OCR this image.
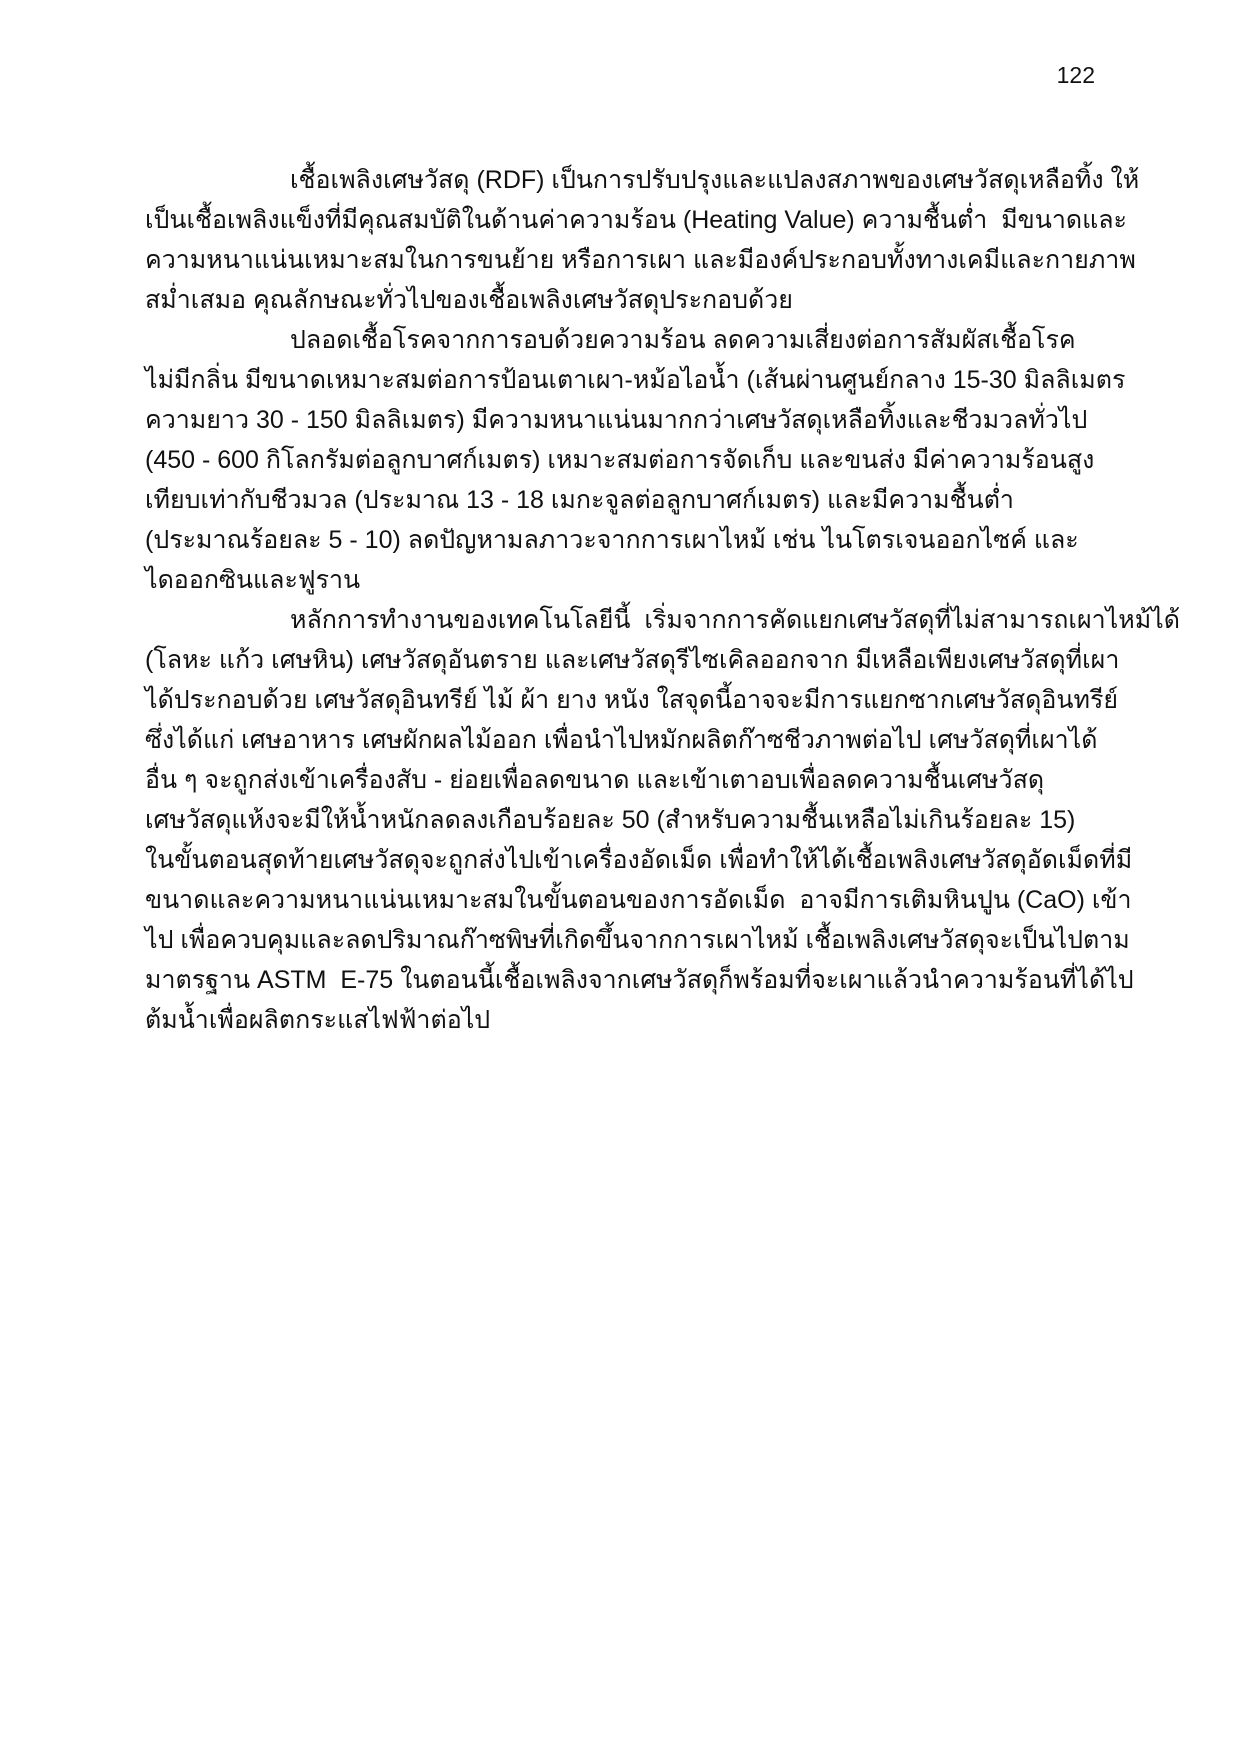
122
เชื้อเพลิงเศษวัสดุ (RDF) เป็นการปรับปรุงและแปลงสภาพของเศษวัสดุเหลือทิ้ง ให้
เป็นเชื้อเพลิงแข็งที่มีคุณสมบัติในด้านค่าความร้อน (Heating Value) ความชื้นต่ำ  มีขนาดและ
ความหนาแน่นเหมาะสมในการขนย้าย หรือการเผา และมีองค์ประกอบทั้งทางเคมีและกายภาพ
สม่ำเสมอ คุณลักษณะทั่วไปของเชื้อเพลิงเศษวัสดุประกอบด้วย
ปลอดเชื้อโรคจากการอบด้วยความร้อน ลดความเสี่ยงต่อการสัมผัสเชื้อโรค
ไม่มีกลิ่น มีขนาดเหมาะสมต่อการป้อนเตาเผา-หม้อไอน้ำ (เส้นผ่านศูนย์กลาง 15-30 มิลลิเมตร
ความยาว 30 - 150 มิลลิเมตร) มีความหนาแน่นมากกว่าเศษวัสดุเหลือทิ้งและชีวมวลทั่วไป
(450 - 600 กิโลกรัมต่อลูกบาศก์เมตร) เหมาะสมต่อการจัดเก็บ และขนส่ง มีค่าความร้อนสูง
เทียบเท่ากับชีวมวล (ประมาณ 13 - 18 เมกะจูลต่อลูกบาศก์เมตร) และมีความชื้นต่ำ
(ประมาณร้อยละ 5 - 10) ลดปัญหามลภาวะจากการเผาไหม้ เช่น ไนโตรเจนออกไซค์ และ
ไดออกซินและฟูราน
หลักการทำงานของเทคโนโลยีนี้  เริ่มจากการคัดแยกเศษวัสดุที่ไม่สามารถเผาไหม้ได้
(โลหะ แก้ว เศษหิน) เศษวัสดุอันตราย และเศษวัสดุรีไซเคิลออกจาก มีเหลือเพียงเศษวัสดุที่เผา
ได้ประกอบด้วย เศษวัสดุอินทรีย์ ไม้ ผ้า ยาง หนัง ใสจุดนี้อาจจะมีการแยกซากเศษวัสดุอินทรีย์
ซึ่งได้แก่ เศษอาหาร เศษผักผลไม้ออก เพื่อนำไปหมักผลิตก๊าซชีวภาพต่อไป เศษวัสดุที่เผาได้
อื่น ๆ จะถูกส่งเข้าเครื่องสับ - ย่อยเพื่อลดขนาด และเข้าเตาอบเพื่อลดความชื้นเศษวัสดุ
เศษวัสดุแห้งจะมีให้น้ำหนักลดลงเกือบร้อยละ 50 (สำหรับความชื้นเหลือไม่เกินร้อยละ 15)
ในขั้นตอนสุดท้ายเศษวัสดุจะถูกส่งไปเข้าเครื่องอัดเม็ด เพื่อทำให้ได้เชื้อเพลิงเศษวัสดุอัดเม็ดที่มี
ขนาดและความหนาแน่นเหมาะสมในขั้นตอนของการอัดเม็ด  อาจมีการเติมหินปูน (CaO) เข้า
ไป เพื่อควบคุมและลดปริมาณก๊าซพิษที่เกิดขึ้นจากการเผาไหม้ เชื้อเพลิงเศษวัสดุจะเป็นไปตาม
มาตรฐาน ASTM  E-75 ในตอนนี้เชื้อเพลิงจากเศษวัสดุก็พร้อมที่จะเผาแล้วนำความร้อนที่ได้ไป
ต้มน้ำเพื่อผลิตกระแสไฟฟ้าต่อไป
